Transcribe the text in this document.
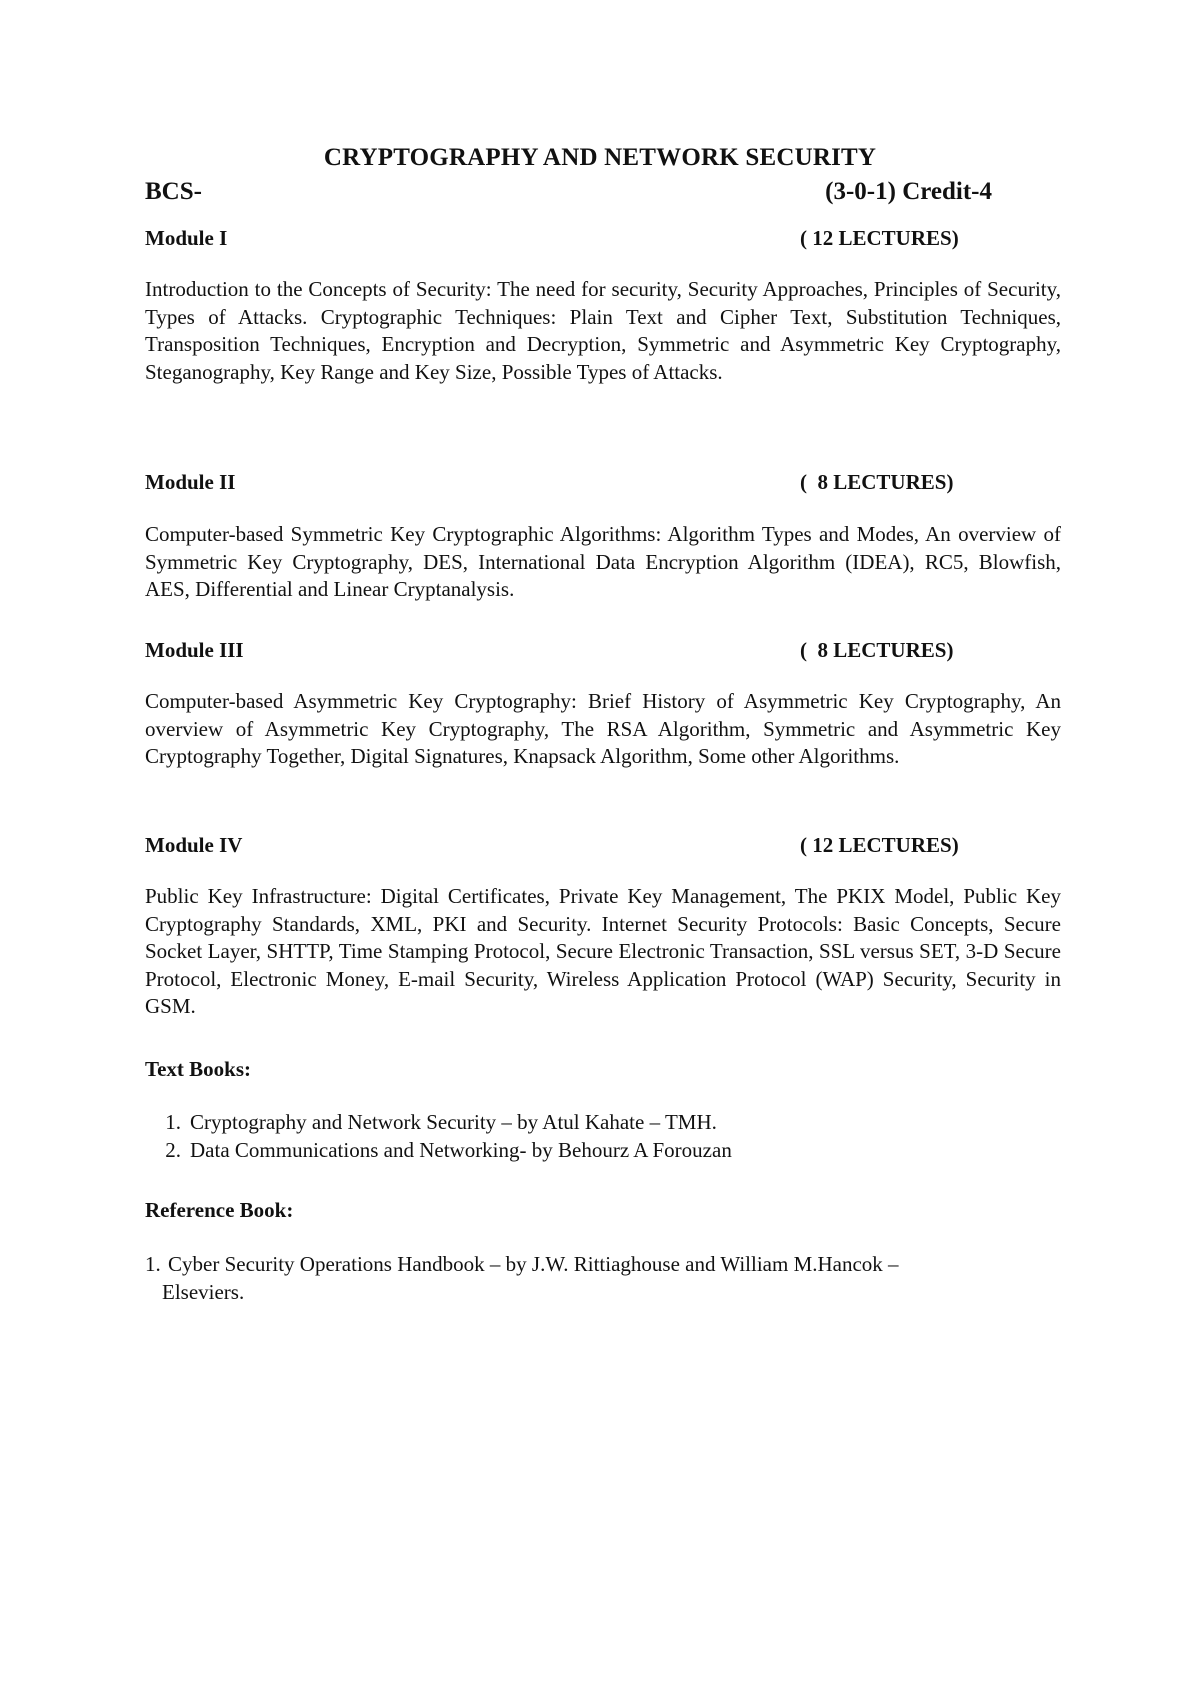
CRYPTOGRAPHY AND NETWORK SECURITY
BCS-	(3-0-1) Credit-4
Module I	( 12 LECTURES)
Introduction to the Concepts of Security: The need for security, Security Approaches, Principles of Security, Types of Attacks. Cryptographic Techniques: Plain Text and Cipher Text, Substitution Techniques, Transposition Techniques, Encryption and Decryption, Symmetric and Asymmetric Key Cryptography, Steganography, Key Range and Key Size, Possible Types of Attacks.
Module II	(  8 LECTURES)
Computer-based Symmetric Key Cryptographic Algorithms: Algorithm Types and Modes, An overview of Symmetric Key Cryptography, DES, International Data Encryption Algorithm (IDEA), RC5, Blowfish, AES, Differential and Linear Cryptanalysis.
Module III	(  8 LECTURES)
Computer-based Asymmetric Key Cryptography: Brief History of Asymmetric Key Cryptography, An overview of Asymmetric Key Cryptography, The RSA Algorithm, Symmetric and Asymmetric Key Cryptography Together, Digital Signatures, Knapsack Algorithm, Some other Algorithms.
Module IV	( 12 LECTURES)
Public Key Infrastructure: Digital Certificates, Private Key Management, The PKIX Model, Public Key Cryptography Standards, XML, PKI and Security. Internet Security Protocols: Basic Concepts, Secure Socket Layer, SHTTP, Time Stamping Protocol, Secure Electronic Transaction, SSL versus SET, 3-D Secure Protocol, Electronic Money, E-mail Security, Wireless Application Protocol (WAP) Security, Security in GSM.
Text Books:
1. Cryptography and Network Security – by Atul Kahate – TMH.
2. Data Communications and Networking- by Behourz A Forouzan
Reference Book:
1. Cyber Security Operations Handbook – by J.W. Rittiaghouse and William M.Hancok – Elseviers.
